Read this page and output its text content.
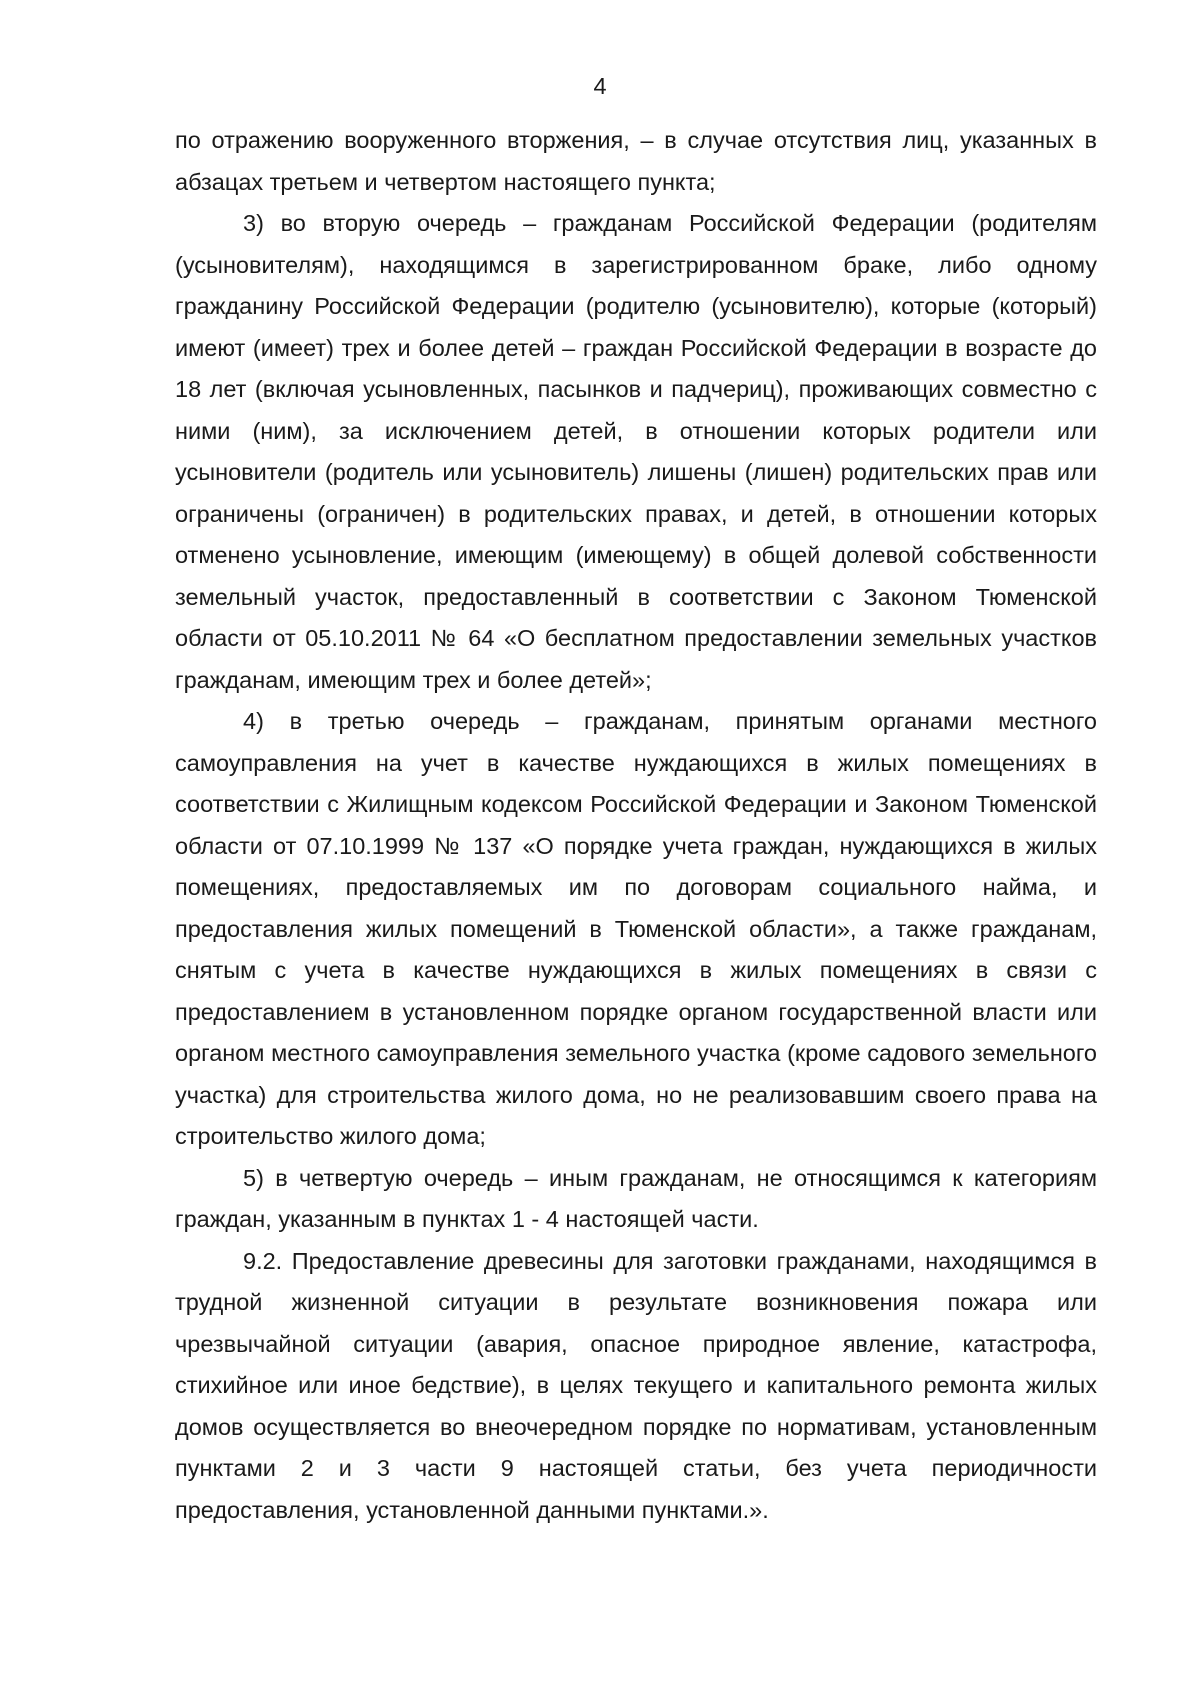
4

по отражению вооруженного вторжения, – в случае отсутствия лиц, указанных в абзацах третьем и четвертом настоящего пункта;

3) во вторую очередь – гражданам Российской Федерации (родителям (усыновителям), находящимся в зарегистрированном браке, либо одному гражданину Российской Федерации (родителю (усыновителю), которые (который) имеют (имеет) трех и более детей – граждан Российской Федерации в возрасте до 18 лет (включая усыновленных, пасынков и падчериц), проживающих совместно с ними (ним), за исключением детей, в отношении которых родители или усыновители (родитель или усыновитель) лишены (лишен) родительских прав или ограничены (ограничен) в родительских правах, и детей, в отношении которых отменено усыновление, имеющим (имеющему) в общей долевой собственности земельный участок, предоставленный в соответствии с Законом Тюменской области от 05.10.2011 № 64 «О бесплатном предоставлении земельных участков гражданам, имеющим трех и более детей»;

4) в третью очередь – гражданам, принятым органами местного самоуправления на учет в качестве нуждающихся в жилых помещениях в соответствии с Жилищным кодексом Российской Федерации и Законом Тюменской области от 07.10.1999 № 137 «О порядке учета граждан, нуждающихся в жилых помещениях, предоставляемых им по договорам социального найма, и предоставления жилых помещений в Тюменской области», а также гражданам, снятым с учета в качестве нуждающихся в жилых помещениях в связи с предоставлением в установленном порядке органом государственной власти или органом местного самоуправления земельного участка (кроме садового земельного участка) для строительства жилого дома, но не реализовавшим своего права на строительство жилого дома;

5) в четвертую очередь – иным гражданам, не относящимся к категориям граждан, указанным в пунктах 1 - 4 настоящей части.

9.2. Предоставление древесины для заготовки гражданами, находящимся в трудной жизненной ситуации в результате возникновения пожара или чрезвычайной ситуации (авария, опасное природное явление, катастрофа, стихийное или иное бедствие), в целях текущего и капитального ремонта жилых домов осуществляется во внеочередном порядке по нормативам, установленным пунктами 2 и 3 части 9 настоящей статьи, без учета периодичности предоставления, установленной данными пунктами.».
